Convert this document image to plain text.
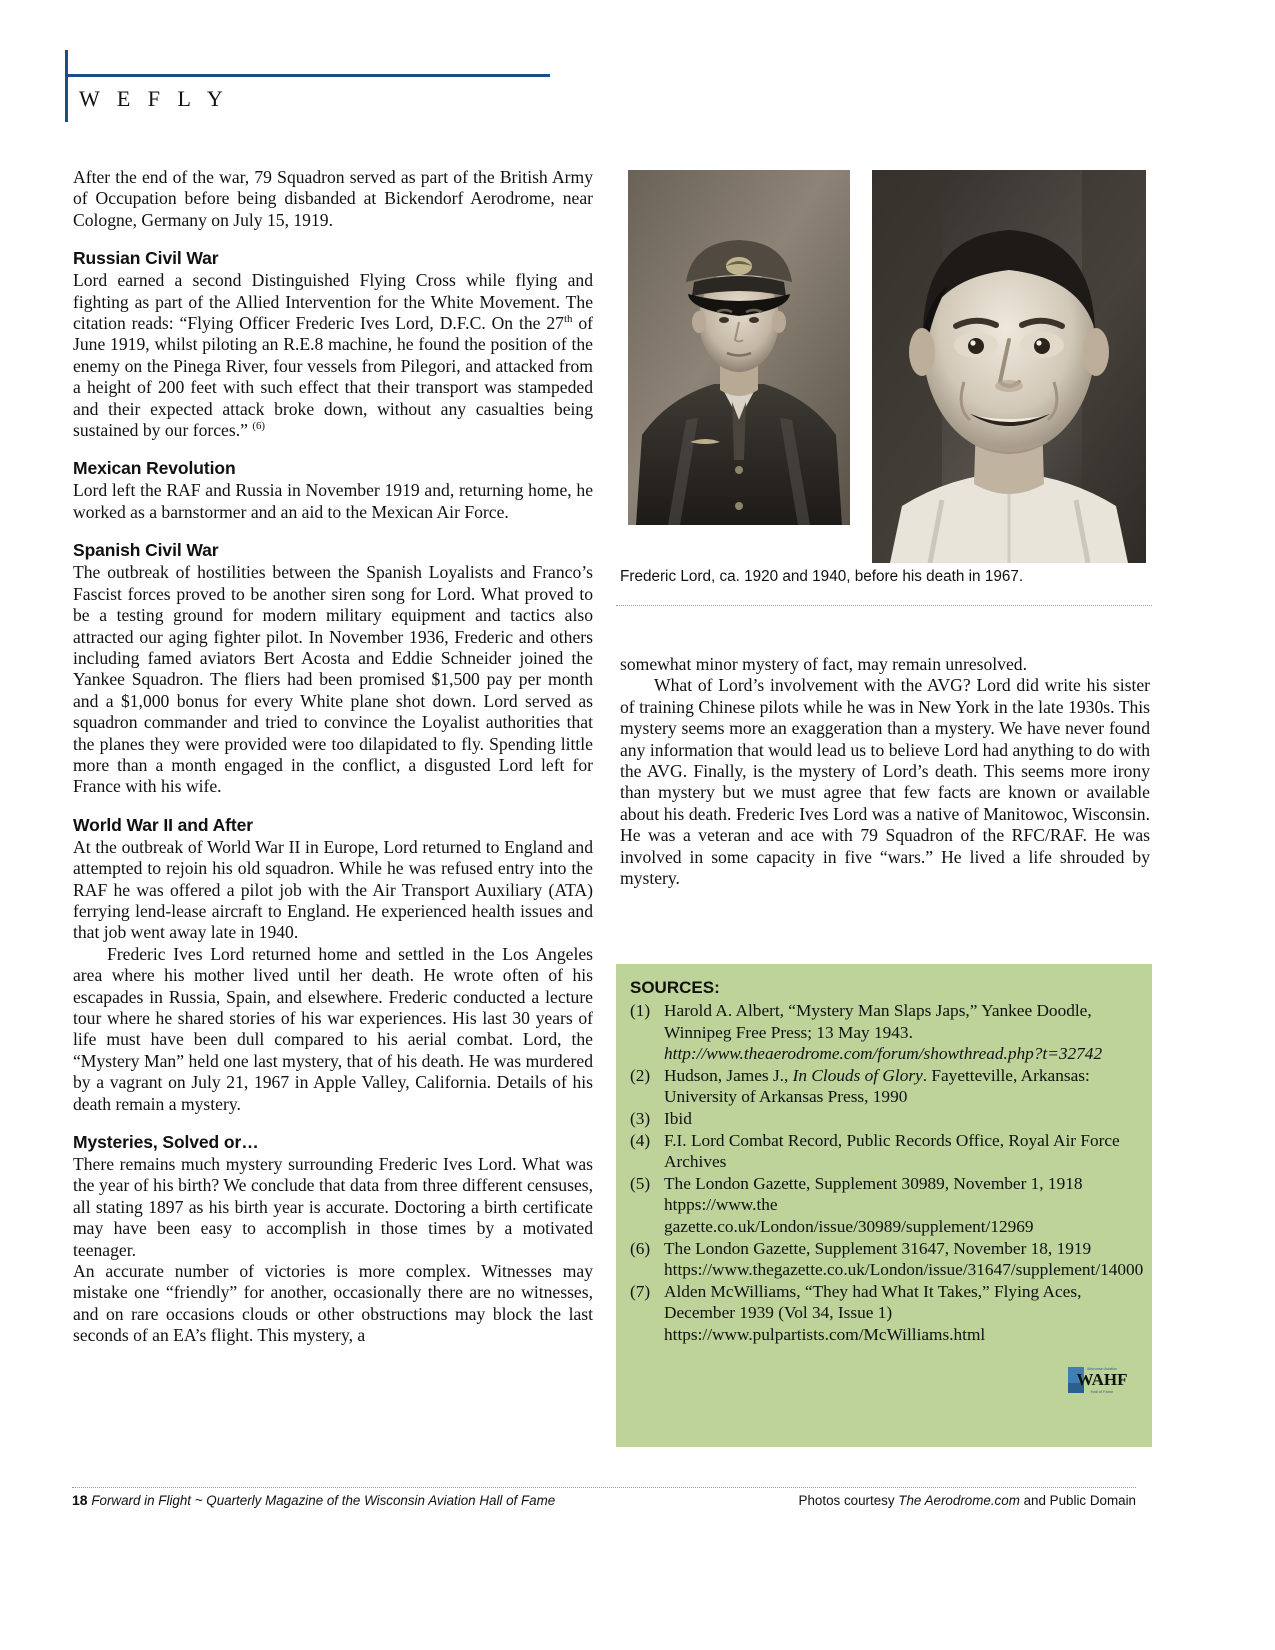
W E F L Y

After the end of the war, 79 Squadron served as part of the British Army of Occupation before being disbanded at Bickendorf Aerodrome, near Cologne, Germany on July 15, 1919.

Russian Civil War

Lord earned a second Distinguished Flying Cross while flying and fighting as part of the Allied Intervention for the White Movement. The citation reads: “Flying Officer Frederic Ives Lord, D.F.C. On the 27th of June 1919, whilst piloting an R.E.8 machine, he found the position of the enemy on the Pinega River, four vessels from Pilegori, and attacked from a height of 200 feet with such effect that their transport was stampeded and their expected attack broke down, without any casualties being sustained by our forces.” $^{(6)}$

Mexican Revolution

Lord left the RAF and Russia in November 1919 and, returning home, he worked as a barnstormer and an aid to the Mexican Air Force.

Spanish Civil War

The outbreak of hostilities between the Spanish Loyalists and Franco’s Fascist forces proved to be another siren song for Lord. What proved to be a testing ground for modern military equipment and tactics also attracted our aging fighter pilot. In November 1936, Frederic and others including famed aviators Bert Acosta and Eddie Schneider joined the Yankee Squadron. The fliers had been promised $1,500 pay per month and a $1,000 bonus for every White plane shot down. Lord served as squadron commander and tried to convince the Loyalist authorities that the planes they were provided were too dilapidated to fly. Spending little more than a month engaged in the conflict, a disgusted Lord left for France with his wife.

World War II and After

At the outbreak of World War II in Europe, Lord returned to England and attempted to rejoin his old squadron. While he was refused entry into the RAF he was offered a pilot job with the Air Transport Auxiliary (ATA) ferrying lend-lease aircraft to England. He experienced health issues and that job went away late in 1940.

Frederic Ives Lord returned home and settled in the Los Angeles area where his mother lived until her death. He wrote often of his escapades in Russia, Spain, and elsewhere. Frederic conducted a lecture tour where he shared stories of his war experiences. His last 30 years of life must have been dull compared to his aerial combat. Lord, the “Mystery Man” held one last mystery, that of his death. He was murdered by a vagrant on July 21, 1967 in Apple Valley, California. Details of his death remain a mystery.

Mysteries, Solved or…

There remains much mystery surrounding Frederic Ives Lord. What was the year of his birth? We conclude that data from three different censuses, all stating 1897 as his birth year is accurate. Doctoring a birth certificate may have been easy to accomplish in those times by a motivated teenager.

An accurate number of victories is more complex. Witnesses may mistake one “friendly” for another, occasionally there are no witnesses, and on rare occasions clouds or other obstructions may block the last seconds of an EA’s flight. This mystery, a

Frederic Lord, ca. 1920 and 1940, before his death in 1967.

somewhat minor mystery of fact, may remain unresolved.

What of Lord’s involvement with the AVG? Lord did write his sister of training Chinese pilots while he was in New York in the late 1930s. This mystery seems more an exaggeration than a mystery. We have never found any information that would lead us to believe Lord had anything to do with the AVG. Finally, is the mystery of Lord’s death. This seems more irony than mystery but we must agree that few facts are known or available about his death. Frederic Ives Lord was a native of Manitowoc, Wisconsin. He was a veteran and ace with 79 Squadron of the RFC/RAF. He was involved in some capacity in five “wars.” He lived a life shrouded by mystery.

SOURCES:
(1) Harold A. Albert, “Mystery Man Slaps Japs,” Yankee Doodle, Winnipeg Free Press; 13 May 1943.
http://www.theaerodrome.com/forum/showthread.php?t=32742
(2) Hudson, James J., In Clouds of Glory. Fayetteville, Arkansas: University of Arkansas Press, 1990
(3) Ibid
(4) F.I. Lord Combat Record, Public Records Office, Royal Air Force Archives
(5) The London Gazette, Supplement 30989, November 1, 1918
htpps://www.the gazette.co.uk/London/issue/30989/supplement/12969
(6) The London Gazette, Supplement 31647, November 18, 1919
https://www.thegazette.co.uk/London/issue/31647/supplement/14000
(7) Alden McWilliams, “They had What It Takes,” Flying Aces, December 1939 (Vol 34, Issue 1)
https://www.pulpartists.com/McWilliams.html
WAHF
Wisconsin Aviation
Hall of Fame
18 Forward in Flight ~ Quarterly Magazine of the Wisconsin Aviation Hall of Fame	Photos courtesy The Aerodrome.com and Public Domain
